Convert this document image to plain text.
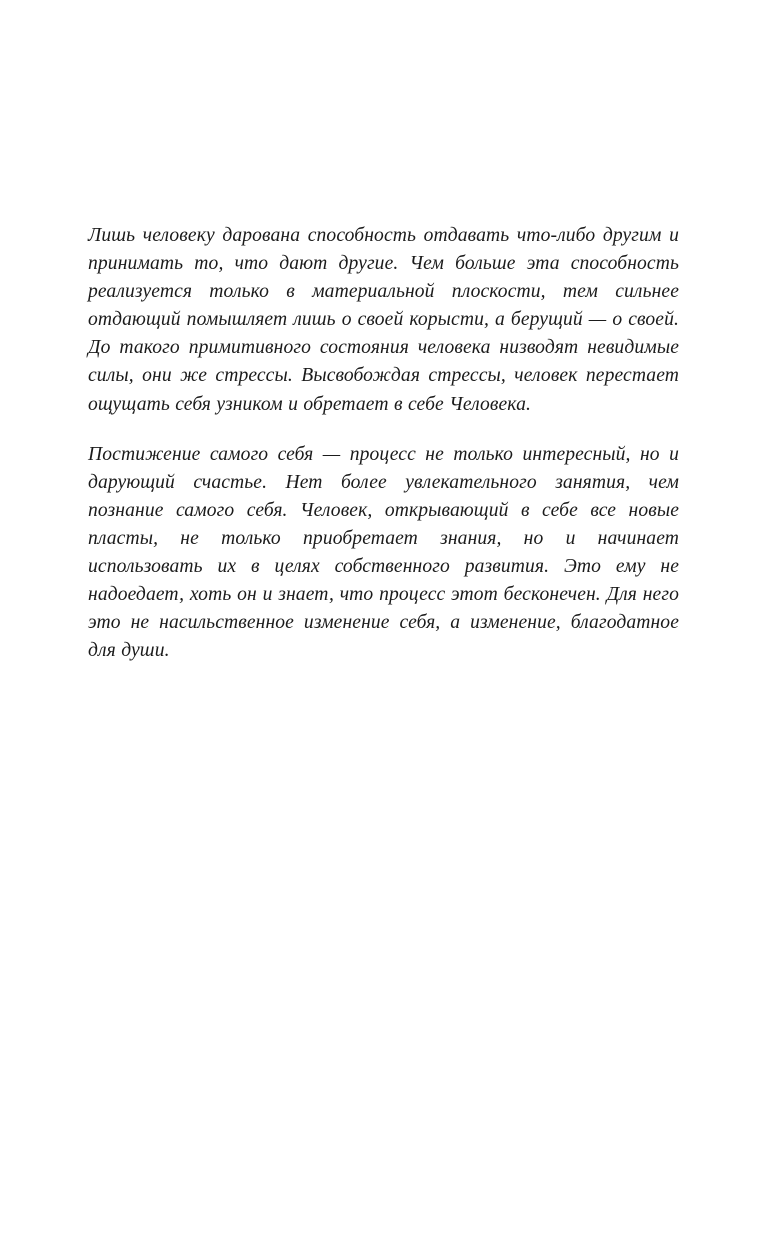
Лишь человеку дарована способность отдавать что-либо другим и принимать то, что дают другие. Чем больше эта способность реализуется только в материальной плоскости, тем сильнее отдающий помышляет лишь о своей корысти, а берущий — о своей. До такого примитивного состояния человека низводят невидимые силы, они же стрессы. Высвобождая стрессы, человек перестает ощущать себя узником и обретает в себе Человека.

Постижение самого себя — процесс не только интересный, но и дарующий счастье. Нет более увлекательного занятия, чем познание самого себя. Человек, открывающий в себе все новые пласты, не только приобретает знания, но и начинает использовать их в целях собственного развития. Это ему не надоедает, хоть он и знает, что процесс этот бесконечен. Для него это не насильственное изменение себя, а изменение, благодатное для души.
